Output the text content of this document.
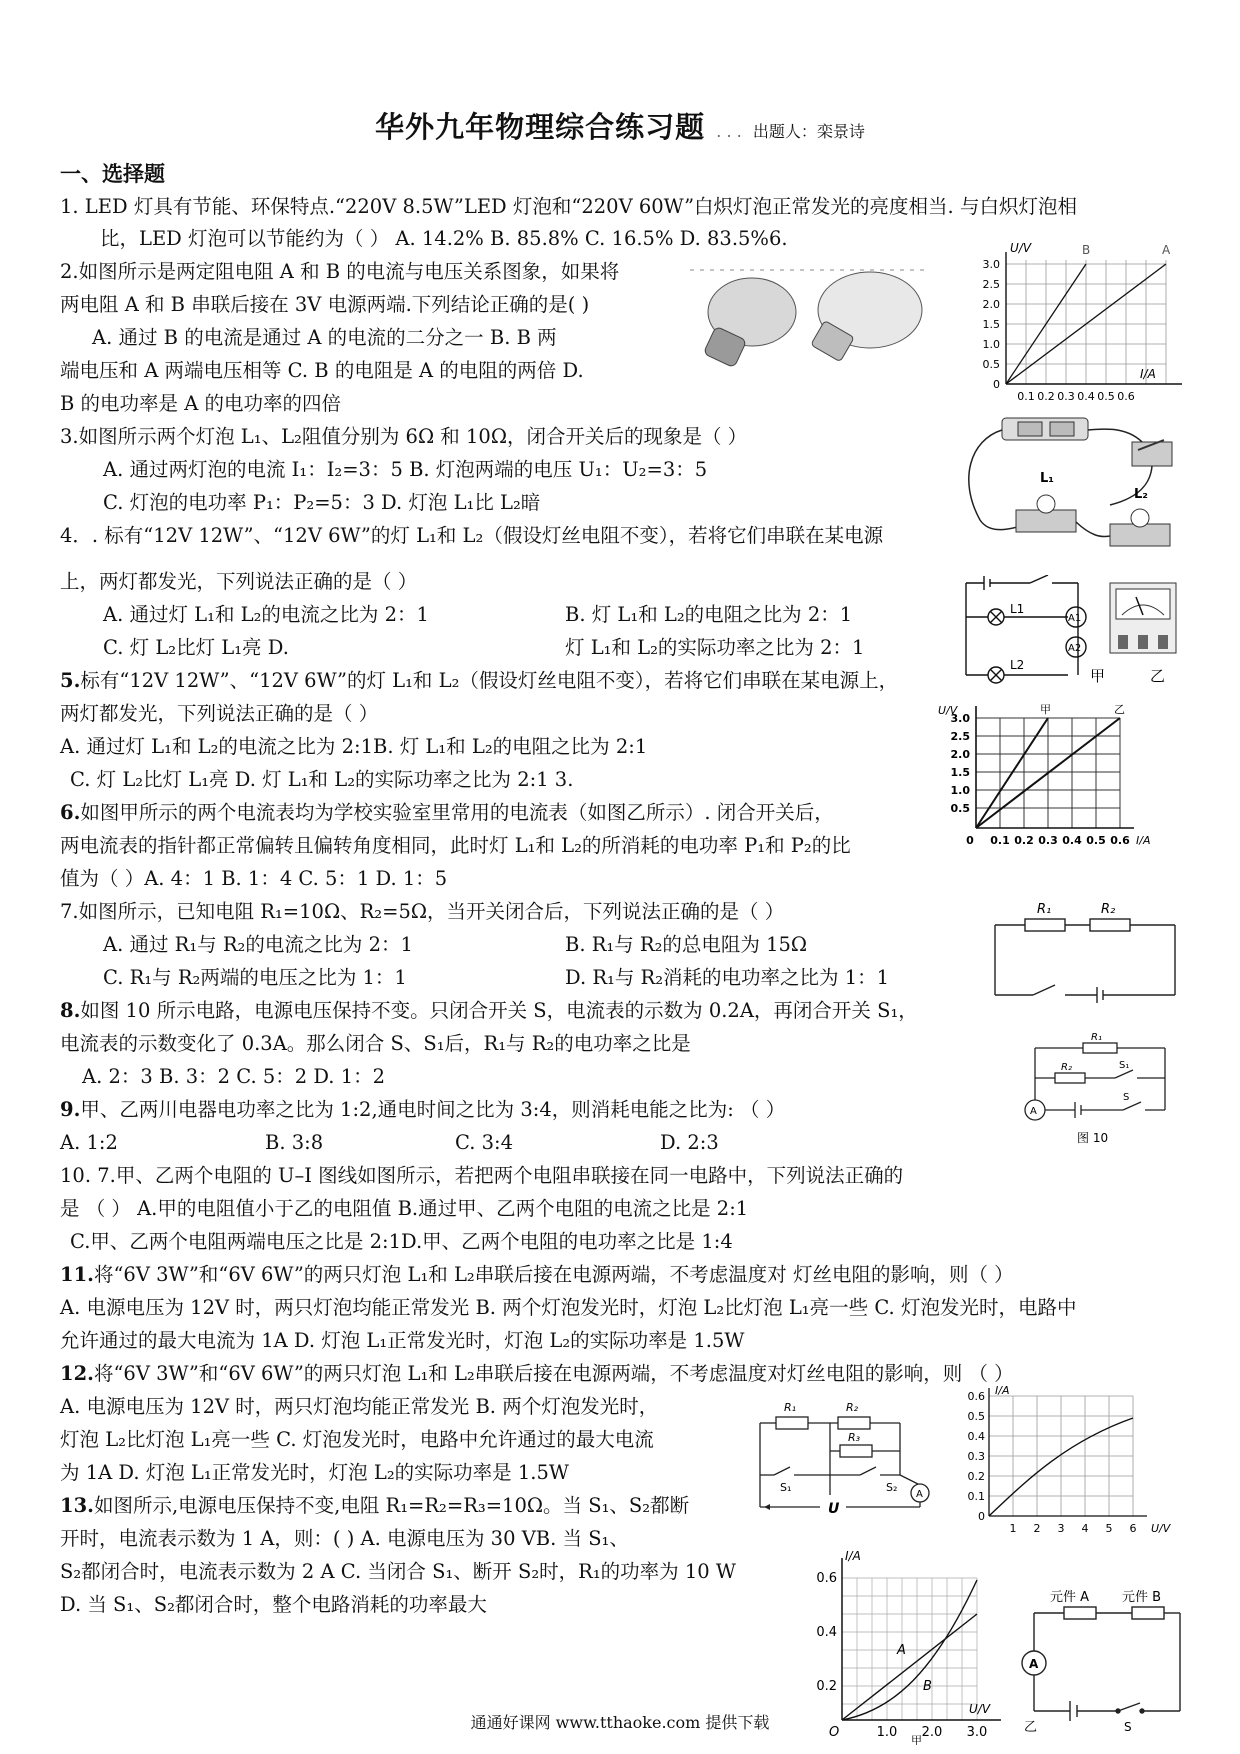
华外九年物理综合练习题 . . . 出题人：栾景诗
一、选择题
1. LED 灯具有节能、环保特点.“220V 8.5W”LED 灯泡和“220V 60W”白炽灯泡正常发光的亮度相当. 与白炽灯泡相
比，LED 灯泡可以节能约为（ ） A. 14.2% B. 85.8% C. 16.5% D. 83.5%6.
2.如图所示是两定阻电阻 A 和 B 的电流与电压关系图象，如果将
两电阻 A 和 B 串联后接在 3V 电源两端.下列结论正确的是( )
A. 通过 B 的电流是通过 A 的电流的二分之一 B. B 两
端电压和 A 两端电压相等 C. B 的电阻是 A 的电阻的两倍 D.
B 的电功率是 A 的电功率的四倍
3.如图所示两个灯泡 L₁、L₂阻值分别为 6Ω 和 10Ω，闭合开关后的现象是（ ）
A. 通过两灯泡的电流 I₁：I₂=3：5 B. 灯泡两端的电压 U₁：U₂=3：5
C. 灯泡的电功率 P₁：P₂=5：3 D. 灯泡 L₁比 L₂暗
4．. 标有“12V 12W”、“12V 6W”的灯 L₁和 L₂（假设灯丝电阻不变），若将它们串联在某电源
上，两灯都发光，下列说法正确的是（ ）
A. 通过灯 L₁和 L₂的电流之比为 2：1	B. 灯 L₁和 L₂的电阻之比为 2：1
C. 灯 L₂比灯 L₁亮 D.	灯 L₁和 L₂的实际功率之比为 2：1
5.标有“12V 12W”、“12V 6W”的灯 L₁和 L₂（假设灯丝电阻不变），若将它们串联在某电源上，
两灯都发光，下列说法正确的是（ ）
A. 通过灯 L₁和 L₂的电流之比为 2:1B. 灯 L₁和 L₂的电阻之比为 2:1
C. 灯 L₂比灯 L₁亮 D. 灯 L₁和 L₂的实际功率之比为 2:1 3.
6.如图甲所示的两个电流表均为学校实验室里常用的电流表（如图乙所示）. 闭合开关后，
两电流表的指针都正常偏转且偏转角度相同，此时灯 L₁和 L₂的所消耗的电功率 P₁和 P₂的比
值为（ ）A. 4：1 B. 1：4 C. 5：1 D. 1：5
7.如图所示，已知电阻 R₁=10Ω、R₂=5Ω，当开关闭合后，下列说法正确的是（ ）
A. 通过 R₁与 R₂的电流之比为 2：1	B. R₁与 R₂的总电阻为 15Ω
C. R₁与 R₂两端的电压之比为 1：1	D. R₁与 R₂消耗的电功率之比为 1：1
8.如图 10 所示电路，电源电压保持不变。只闭合开关 S，电流表的示数为 0.2A，再闭合开关 S₁，
电流表的示数变化了 0.3A。那么闭合 S、S₁后，R₁与 R₂的电功率之比是
A. 2：3 B. 3：2 C. 5：2 D. 1：2
9.甲、乙两川电器电功率之比为 1:2,通电时间之比为 3:4，则消耗电能之比为: （ ）
A. 1:2	B. 3:8	C. 3:4	D. 2:3
10. 7.甲、乙两个电阻的 U–I 图线如图所示，若把两个电阻串联接在同一电路中，下列说法正确的
是 （ ） A.甲的电阻值小于乙的电阻值 B.通过甲、乙两个电阻的电流之比是 2:1
C.甲、乙两个电阻两端电压之比是 2:1D.甲、乙两个电阻的电功率之比是 1:4
11.将“6V 3W”和“6V 6W”的两只灯泡 L₁和 L₂串联后接在电源两端，不考虑温度对 灯丝电阻的影响，则（ ）
A. 电源电压为 12V 时，两只灯泡均能正常发光 B. 两个灯泡发光时，灯泡 L₂比灯泡 L₁亮一些 C. 灯泡发光时，电路中
允许通过的最大电流为 1A D. 灯泡 L₁正常发光时，灯泡 L₂的实际功率是 1.5W
12.将“6V 3W”和“6V 6W”的两只灯泡 L₁和 L₂串联后接在电源两端，不考虑温度对灯丝电阻的影响，则 （ ）
A. 电源电压为 12V 时，两只灯泡均能正常发光 B. 两个灯泡发光时，
灯泡 L₂比灯泡 L₁亮一些 C. 灯泡发光时，电路中允许通过的最大电流
为 1A D. 灯泡 L₁正常发光时，灯泡 L₂的实际功率是 1.5W
13.如图所示,电源电压保持不变,电阻 R₁=R₂=R₃=10Ω。当 S₁、S₂都断
开时，电流表示数为 1 A，则：( ) A. 电源电压为 30 VB. 当 S₁、
S₂都闭合时，电流表示数为 2 A C. 当闭合 S₁、断开 S₂时，R₁的功率为 10 W
D. 当 S₁、S₂都闭合时，整个电路消耗的功率最大
U/V
I/A
B	A
3.0
2.5
2.0
1.5
1.0
0.5
0
0.1 0.2 0.3 0.4 0.5 0.6
L₁
L₂
L1
L2
A1
A2
甲	乙
U/V
I/A
甲	乙
3.0
2.5
2.0
1.5
1.0
0.5
0 0.1 0.2 0.3 0.4 0.5 0.6
R₁	R₂
R₁
R₂	S₁
S
A
图 10
R₁	R₂
R₃
S₁	S₂
A
U
I/A
U/V
0.6
0.5
0.4
0.3
0.2
0.1
0
1 2 3 4 5 6
I/A
U/V
O
A
B
0.6
0.4
0.2
1.0 2.0 3.0
甲
元件 A	元件 B
A
S
乙
通通好课网 www.tthaoke.com 提供下载
